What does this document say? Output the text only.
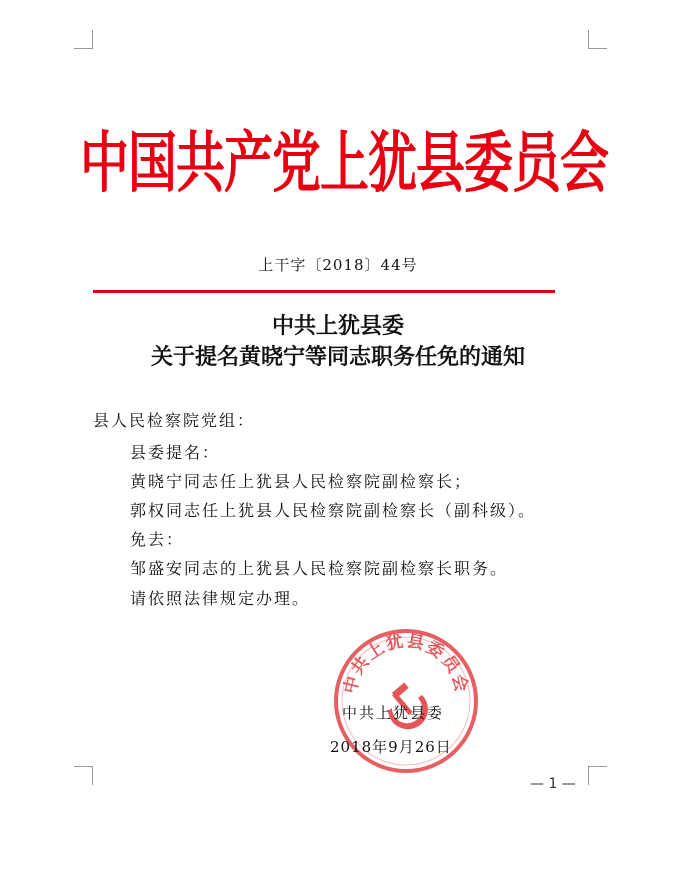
中国共产党上犹县委员会
上干字〔2018〕44号
中共上犹县委
关于提名黄晓宁等同志职务任免的通知
县人民检察院党组：
县委提名：
黄晓宁同志任上犹县人民检察院副检察长；
郭权同志任上犹县人民检察院副检察长（副科级）。
免去：
邹盛安同志的上犹县人民检察院副检察长职务。
请依照法律规定办理。
中共上犹县委员会
中共上犹县委
2018年9月26日
— 1 —
